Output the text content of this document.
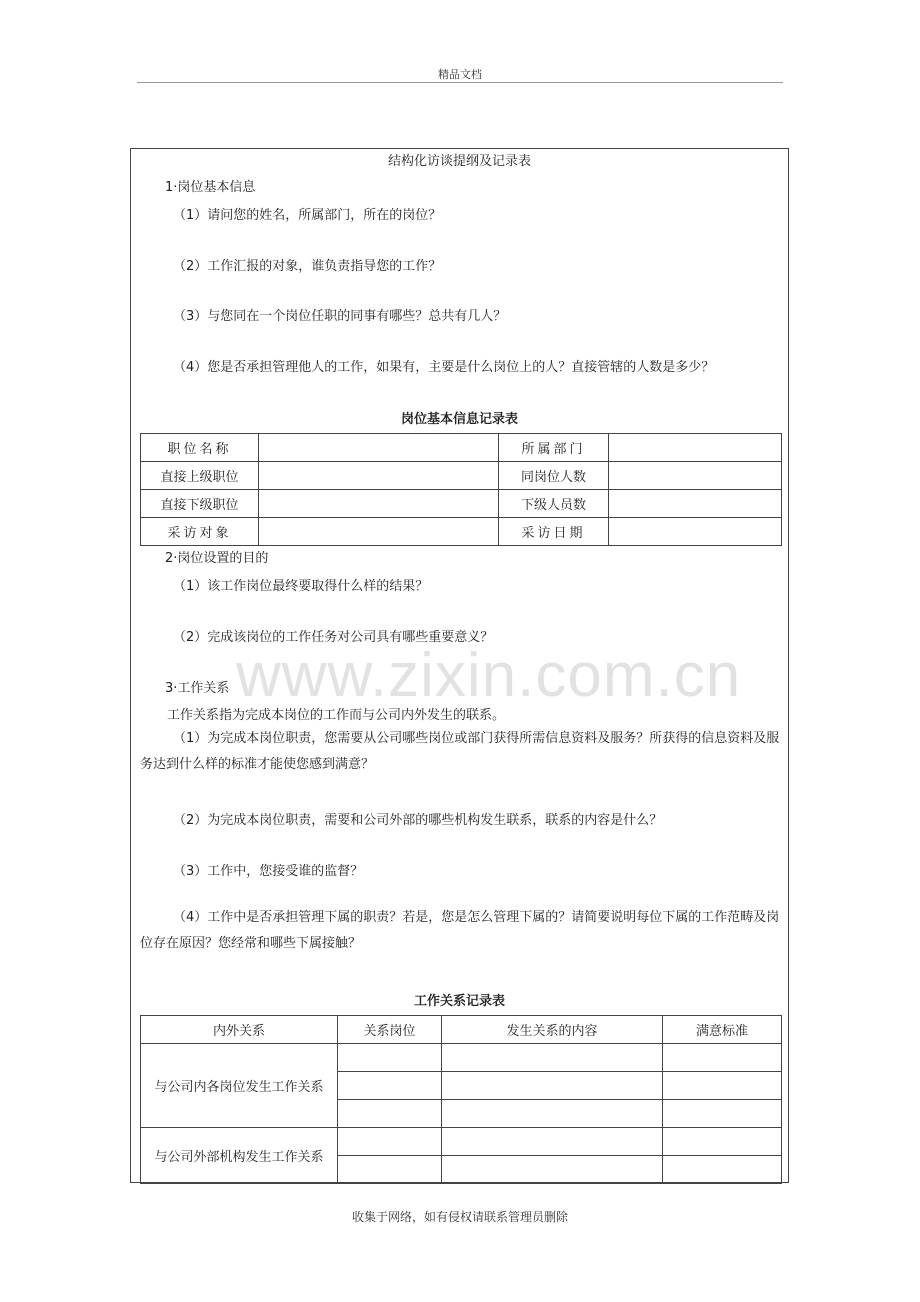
精品文档
结构化访谈提纲及记录表
1·岗位基本信息
（1）请问您的姓名，所属部门，所在的岗位？
（2）工作汇报的对象，谁负责指导您的工作？
（3）与您同在一个岗位任职的同事有哪些？总共有几人？
（4）您是否承担管理他人的工作，如果有，主要是什么岗位上的人？直接管辖的人数是多少？
岗位基本信息记录表
职位名称		所属部门	
直接上级职位		同岗位人数	
直接下级职位		下级人员数	
采访对象		采访日期	
2·岗位设置的目的
（1）该工作岗位最终要取得什么样的结果？
（2）完成该岗位的工作任务对公司具有哪些重要意义？
3·工作关系
工作关系指为完成本岗位的工作而与公司内外发生的联系。
（1）为完成本岗位职责，您需要从公司哪些岗位或部门获得所需信息资料及服务？所获得的信息资料及服务达到什么样的标准才能使您感到满意？
（2）为完成本岗位职责，需要和公司外部的哪些机构发生联系，联系的内容是什么？
（3）工作中，您接受谁的监督？
（4）工作中是否承担管理下属的职责？若是，您是怎么管理下属的？请简要说明每位下属的工作范畴及岗位存在原因？您经常和哪些下属接触？
工作关系记录表
内外关系	关系岗位	发生关系的内容	满意标准
与公司内各岗位发生工作关系			

与公司外部机构发生工作关系			

www.zixin.com.cn
收集于网络，如有侵权请联系管理员删除
